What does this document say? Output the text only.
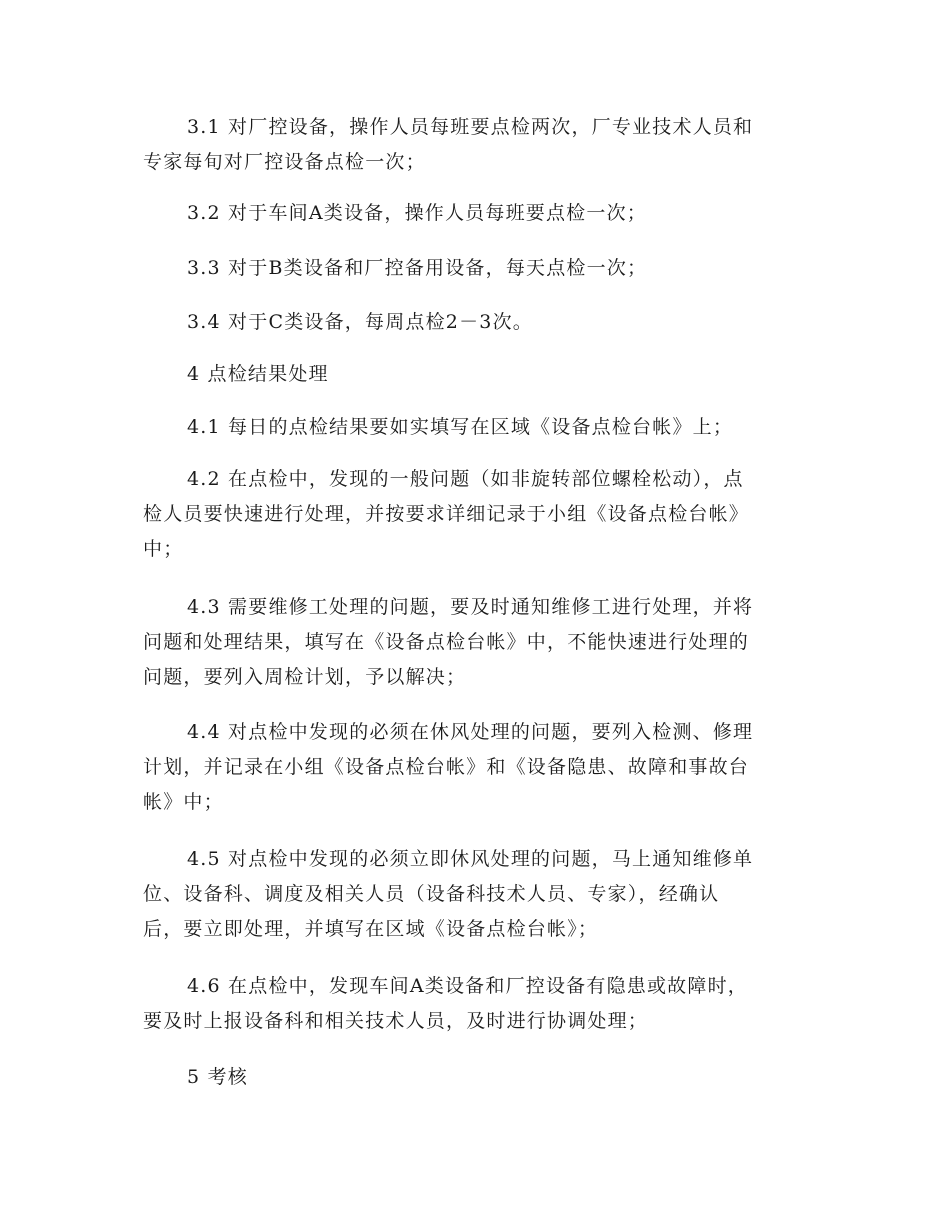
3.1 对厂控设备，操作人员每班要点检两次，厂专业技术人员和
专家每旬对厂控设备点检一次；

3.2 对于车间A类设备，操作人员每班要点检一次；

3.3 对于B类设备和厂控备用设备，每天点检一次；

3.4 对于C类设备，每周点检2－3次。

4 点检结果处理

4.1 每日的点检结果要如实填写在区域《设备点检台帐》上；

4.2 在点检中，发现的一般问题（如非旋转部位螺栓松动），点
检人员要快速进行处理，并按要求详细记录于小组《设备点检台帐》
中；

4.3 需要维修工处理的问题，要及时通知维修工进行处理，并将
问题和处理结果，填写在《设备点检台帐》中，不能快速进行处理的
问题，要列入周检计划，予以解决；

4.4 对点检中发现的必须在休风处理的问题，要列入检测、修理
计划，并记录在小组《设备点检台帐》和《设备隐患、故障和事故台
帐》中；

4.5 对点检中发现的必须立即休风处理的问题，马上通知维修单
位、设备科、调度及相关人员（设备科技术人员、专家），经确认
后，要立即处理，并填写在区域《设备点检台帐》；

4.6 在点检中，发现车间A类设备和厂控设备有隐患或故障时，
要及时上报设备科和相关技术人员，及时进行协调处理；

5 考核
